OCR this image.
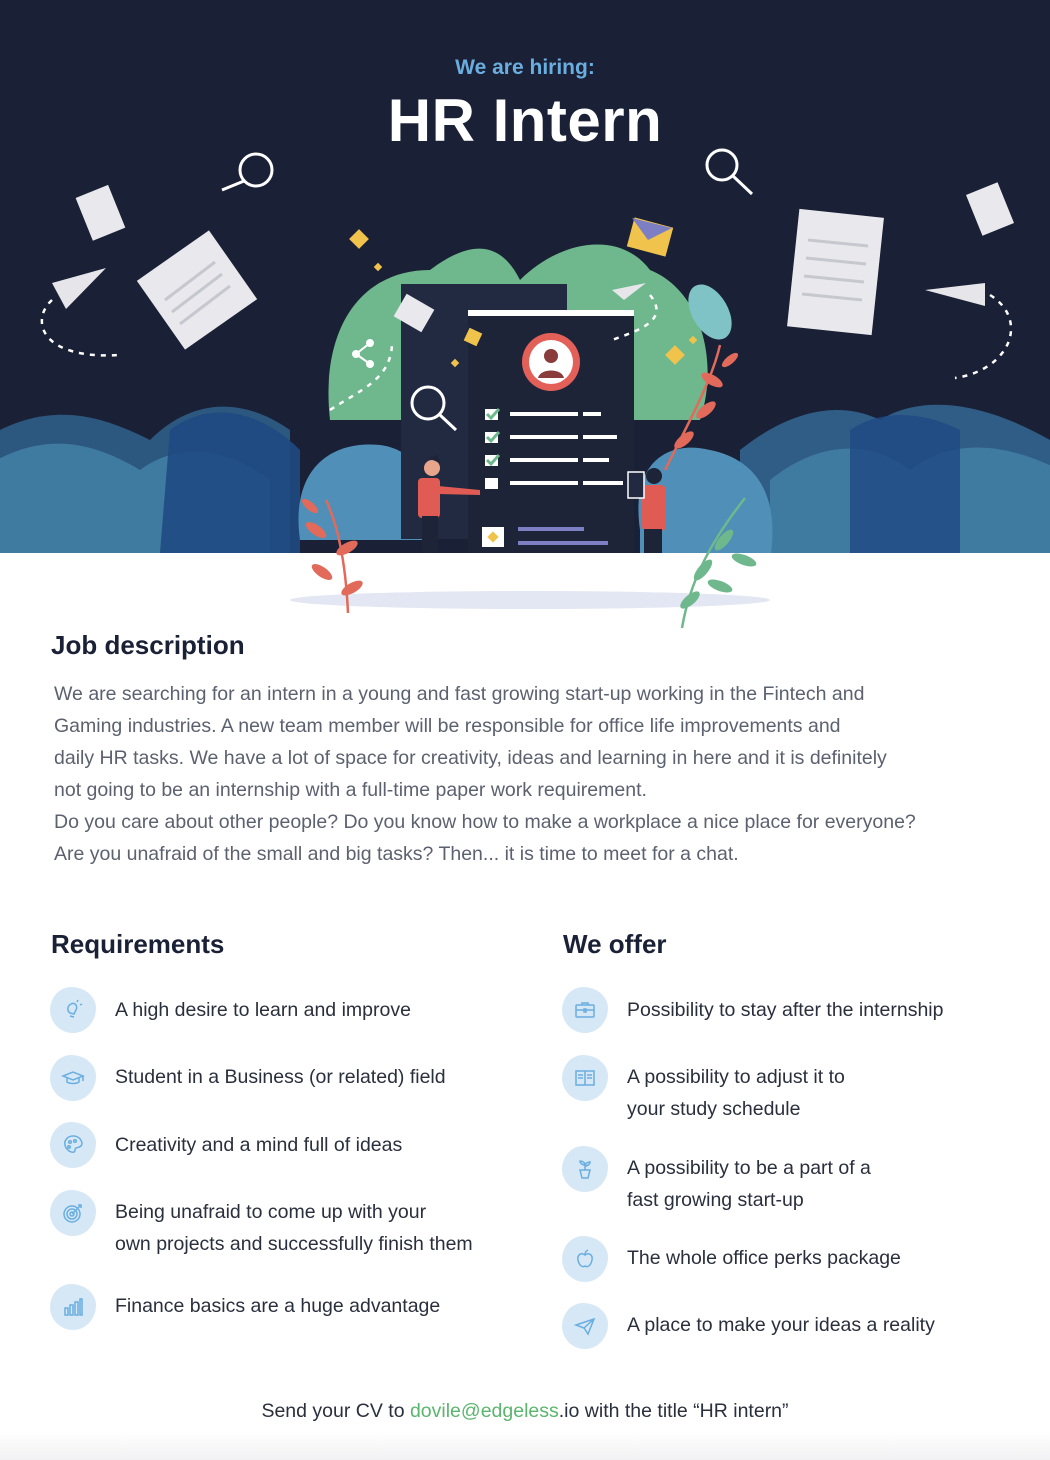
We are hiring:
HR Intern
Job description
We are searching for an intern in a young and fast growing start-up working in the Fintech and
Gaming industries. A new team member will be responsible for office life improvements and
daily HR tasks. We have a lot of space for creativity, ideas and learning in here and it is definitely
not going to be an internship with a full-time paper work requirement.
Do you care about other people? Do you know how to make a workplace a nice place for everyone?
Are you unafraid of the small and big tasks? Then... it is time to meet for a chat.
Requirements
A high desire to learn and improve
Student in a Business (or related) field
Creativity and a mind full of ideas
Being unafraid to come up with your
own projects and successfully finish them
Finance basics are a huge advantage
We offer
Possibility to stay after the internship
A possibility to adjust it to
your study schedule
A possibility to be a part of a
fast growing start-up
The whole office perks package
A place to make your ideas a reality
Send your CV to dovile@edgeless.io with the title “HR intern”
